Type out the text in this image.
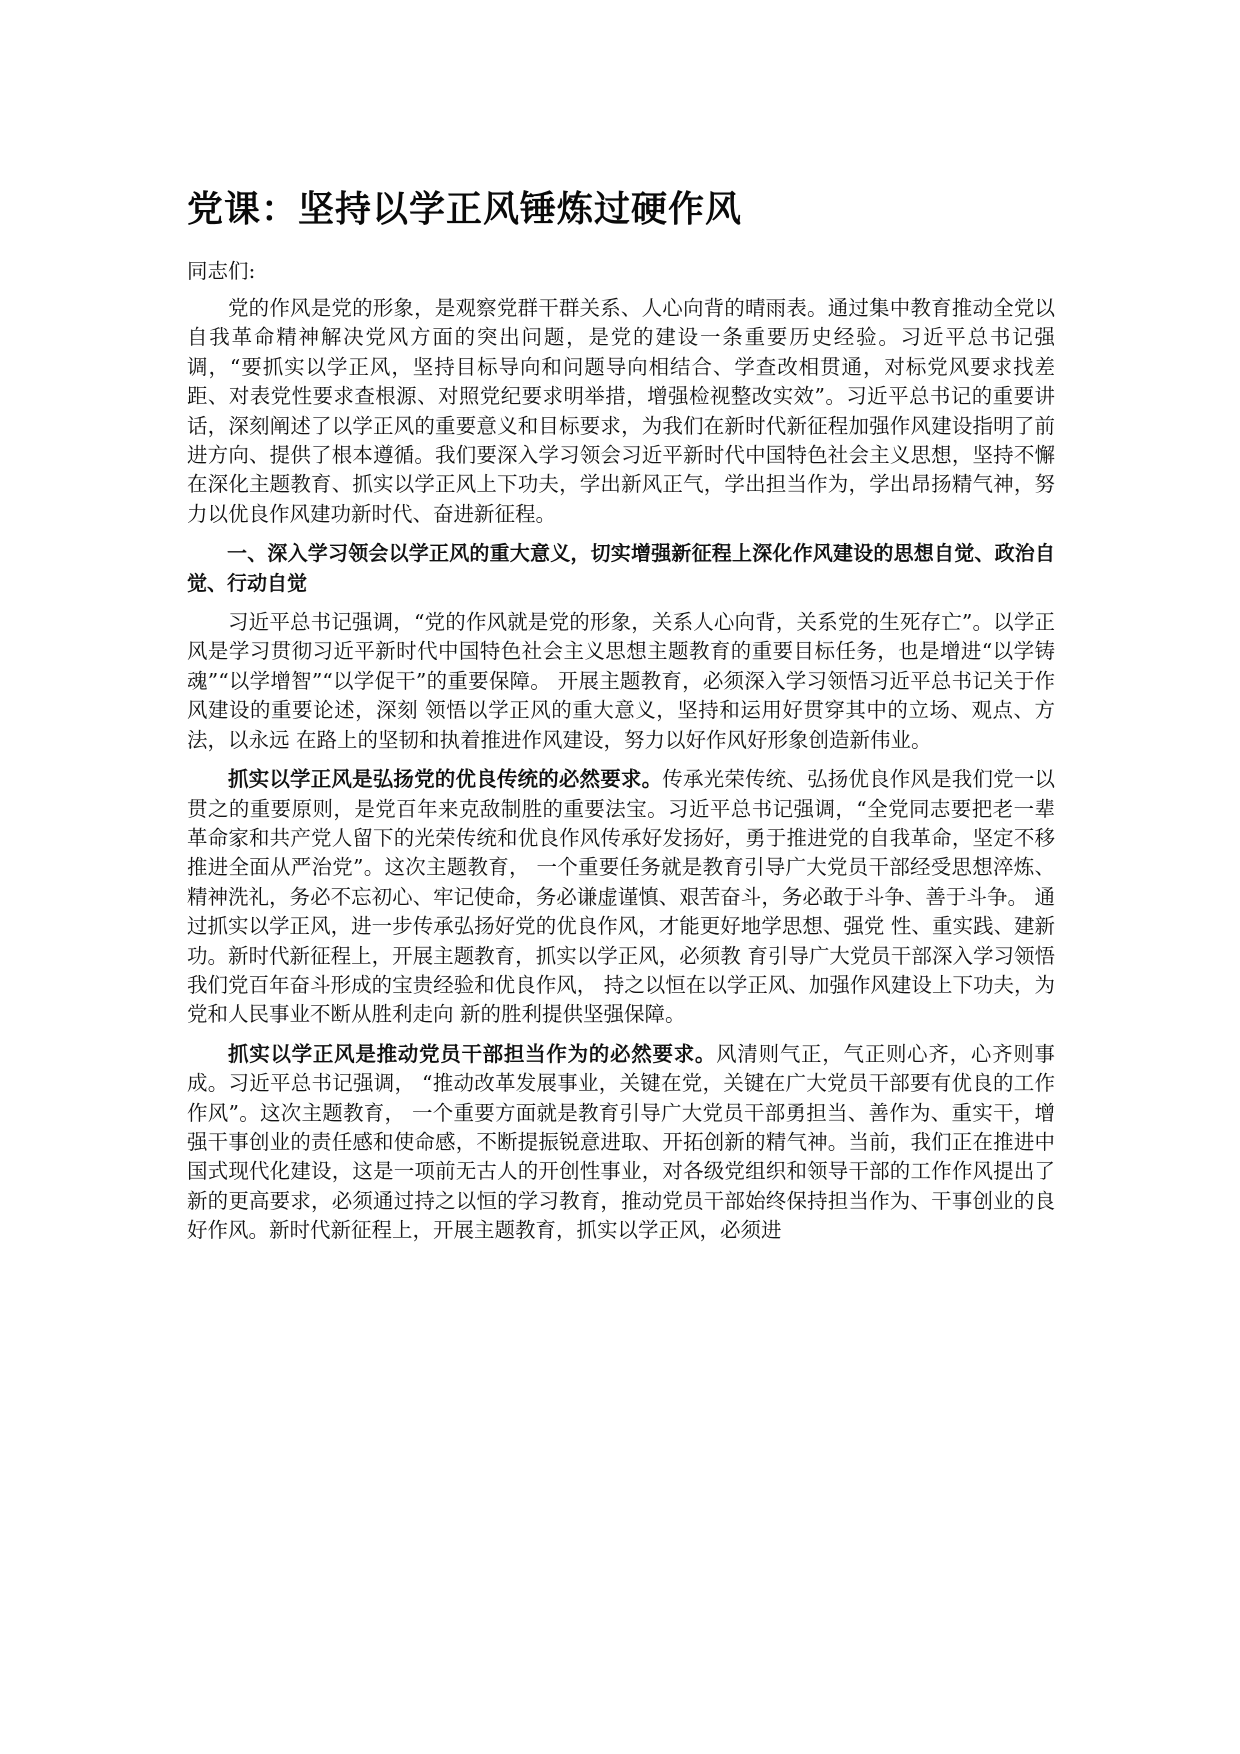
党课：坚持以学正风锤炼过硬作风
同志们:

党的作风是党的形象，是观察党群干群关系、人心向背的晴雨表。通过集中教育推动全党以自我革命精神解决党风方面的突出问题，是党的建设一条重要历史经验。习近平总书记强调，“要抓实以学正风，坚持目标导向和问题导向相结合、学查改相贯通，对标党风要求找差距、对表党性要求查根源、对照党纪要求明举措，增强检视整改实效”。习近平总书记的重要讲话，深刻阐述了以学正风的重要意义和目标要求，为我们在新时代新征程加强作风建设指明了前进方向、提供了根本遵循。我们要深入学习领会习近平新时代中国特色社会主义思想，坚持不懈在深化主题教育、抓实以学正风上下功夫，学出新风正气，学出担当作为，学出昂扬精气神，努力以优良作风建功新时代、奋进新征程。

一、深入学习领会以学正风的重大意义，切实增强新征程上深化作风建设的思想自觉、政治自觉、行动自觉

习近平总书记强调，“党的作风就是党的形象，关系人心向背，关系党的生死存亡”。以学正风是学习贯彻习近平新时代中国特色社会主义思想主题教育的重要目标任务，也是增进“以学铸魂”“以学增智”“以学促干”的重要保障。 开展主题教育，必须深入学习领悟习近平总书记关于作风建设的重要论述，深刻 领悟以学正风的重大意义，坚持和运用好贯穿其中的立场、观点、方法，以永远 在路上的坚韧和执着推进作风建设，努力以好作风好形象创造新伟业。

抓实以学正风是弘扬党的优良传统的必然要求。传承光荣传统、弘扬优良作风是我们党一以贯之的重要原则，是党百年来克敌制胜的重要法宝。习近平总书记强调，“全党同志要把老一辈革命家和共产党人留下的光荣传统和优良作风传承好发扬好，勇于推进党的自我革命，坚定不移推进全面从严治党”。这次主题教育， 一个重要任务就是教育引导广大党员干部经受思想淬炼、精神洗礼，务必不忘初心、牢记使命，务必谦虚谨慎、艰苦奋斗，务必敢于斗争、善于斗争。 通过抓实以学正风，进一步传承弘扬好党的优良作风，才能更好地学思想、强党 性、重实践、建新功。新时代新征程上，开展主题教育，抓实以学正风，必须教 育引导广大党员干部深入学习领悟我们党百年奋斗形成的宝贵经验和优良作风， 持之以恒在以学正风、加强作风建设上下功夫，为党和人民事业不断从胜利走向 新的胜利提供坚强保障。

抓实以学正风是推动党员干部担当作为的必然要求。风清则气正，气正则心齐，心齐则事成。习近平总书记强调， “推动改革发展事业，关键在党，关键在广大党员干部要有优良的工作作风”。这次主题教育， 一个重要方面就是教育引导广大党员干部勇担当、善作为、重实干，增强干事创业的责任感和使命感，不断提振锐意进取、开拓创新的精气神。当前，我们正在推进中国式现代化建设，这是一项前无古人的开创性事业，对各级党组织和领导干部的工作作风提出了新的更高要求，必须通过持之以恒的学习教育，推动党员干部始终保持担当作为、干事创业的良好作风。新时代新征程上，开展主题教育，抓实以学正风，必须进
